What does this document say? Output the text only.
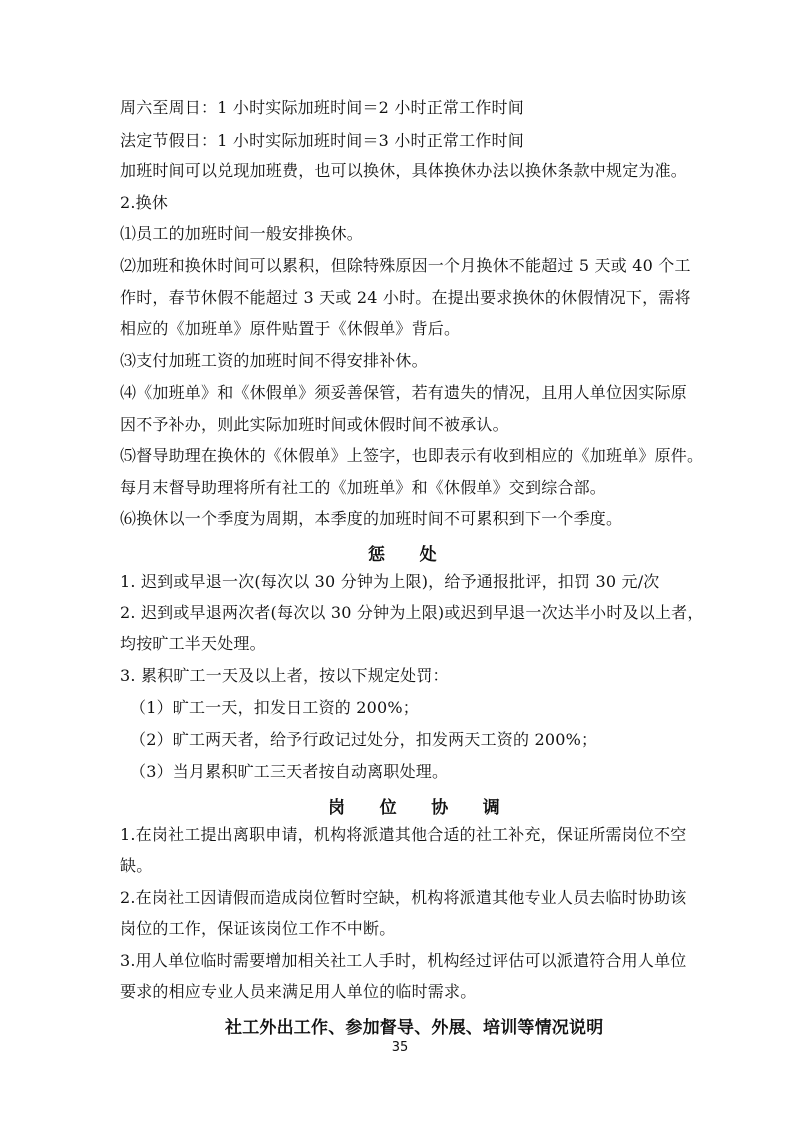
周六至周日：1 小时实际加班时间＝2 小时正常工作时间
法定节假日：1 小时实际加班时间＝3 小时正常工作时间
加班时间可以兑现加班费，也可以换休，具体换休办法以换休条款中规定为准。
2.换休
⑴员工的加班时间一般安排换休。
⑵加班和换休时间可以累积，但除特殊原因一个月换休不能超过 5 天或 40 个工
作时，春节休假不能超过 3 天或 24 小时。在提出要求换休的休假情况下，需将
相应的《加班单》原件贴置于《休假单》背后。
⑶支付加班工资的加班时间不得安排补休。
⑷《加班单》和《休假单》须妥善保管，若有遗失的情况，且用人单位因实际原
因不予补办，则此实际加班时间或休假时间不被承认。
⑸督导助理在换休的《休假单》上签字，也即表示有收到相应的《加班单》原件。
每月末督导助理将所有社工的《加班单》和《休假单》交到综合部。
⑹换休以一个季度为周期，本季度的加班时间不可累积到下一个季度。
惩　　处
1. 迟到或早退一次(每次以 30 分钟为上限)，给予通报批评，扣罚 30 元/次
2. 迟到或早退两次者(每次以 30 分钟为上限)或迟到早退一次达半小时及以上者，
均按旷工半天处理。
3. 累积旷工一天及以上者，按以下规定处罚：
（1）旷工一天，扣发日工资的 200%；
（2）旷工两天者，给予行政记过处分，扣发两天工资的 200%；
（3）当月累积旷工三天者按自动离职处理。
岗　　位　　协　　调
1.在岗社工提出离职申请，机构将派遣其他合适的社工补充，保证所需岗位不空
缺。
2.在岗社工因请假而造成岗位暂时空缺，机构将派遣其他专业人员去临时协助该
岗位的工作，保证该岗位工作不中断。
3.用人单位临时需要增加相关社工人手时，机构经过评估可以派遣符合用人单位
要求的相应专业人员来满足用人单位的临时需求。
社工外出工作、参加督导、外展、培训等情况说明
35
